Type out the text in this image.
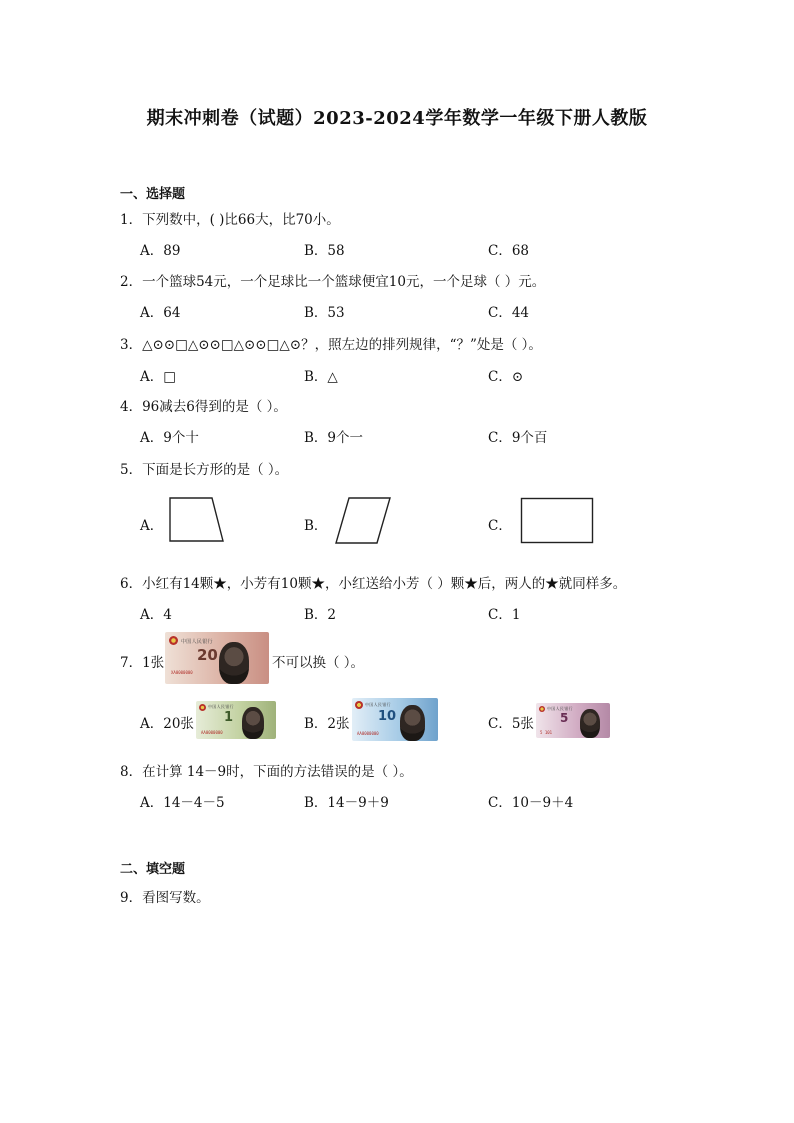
期末冲刺卷（试题）2023-2024学年数学一年级下册人教版
一、选择题
1．下列数中，( )比66大，比70小。
A．89	B．58	C．68
2．一个篮球54元，一个足球比一个篮球便宜10元，一个足球（ ）元。
A．64	B．53	C．44
3．△⊙⊙□△⊙⊙□△⊙⊙□△⊙？，照左边的排列规律，“？”处是（ ）。
A．□	B．△	C．⊙
4．96减去6得到的是（ ）。
A．9个十	B．9个一	C．9个百
5．下面是长方形的是（ ）。
A．	B．	C．
6．小红有14颗★，小芳有10颗★，小红送给小芳（ ）颗★后，两人的★就同样多。
A．4	B．2	C．1
7．1张
中国人民银行
20
XA0000000
不可以换（ ）。
A．20张
中国人民银行
1
AA0000000
B．2张
中国人民银行
10
AA0000000
C．5张
中国人民银行
5
5 101
8．在计算 14－9时，下面的方法错误的是（ ）。
A．14－4－5	B．14－9＋9	C．10－9＋4
二、填空题
9．看图写数。
